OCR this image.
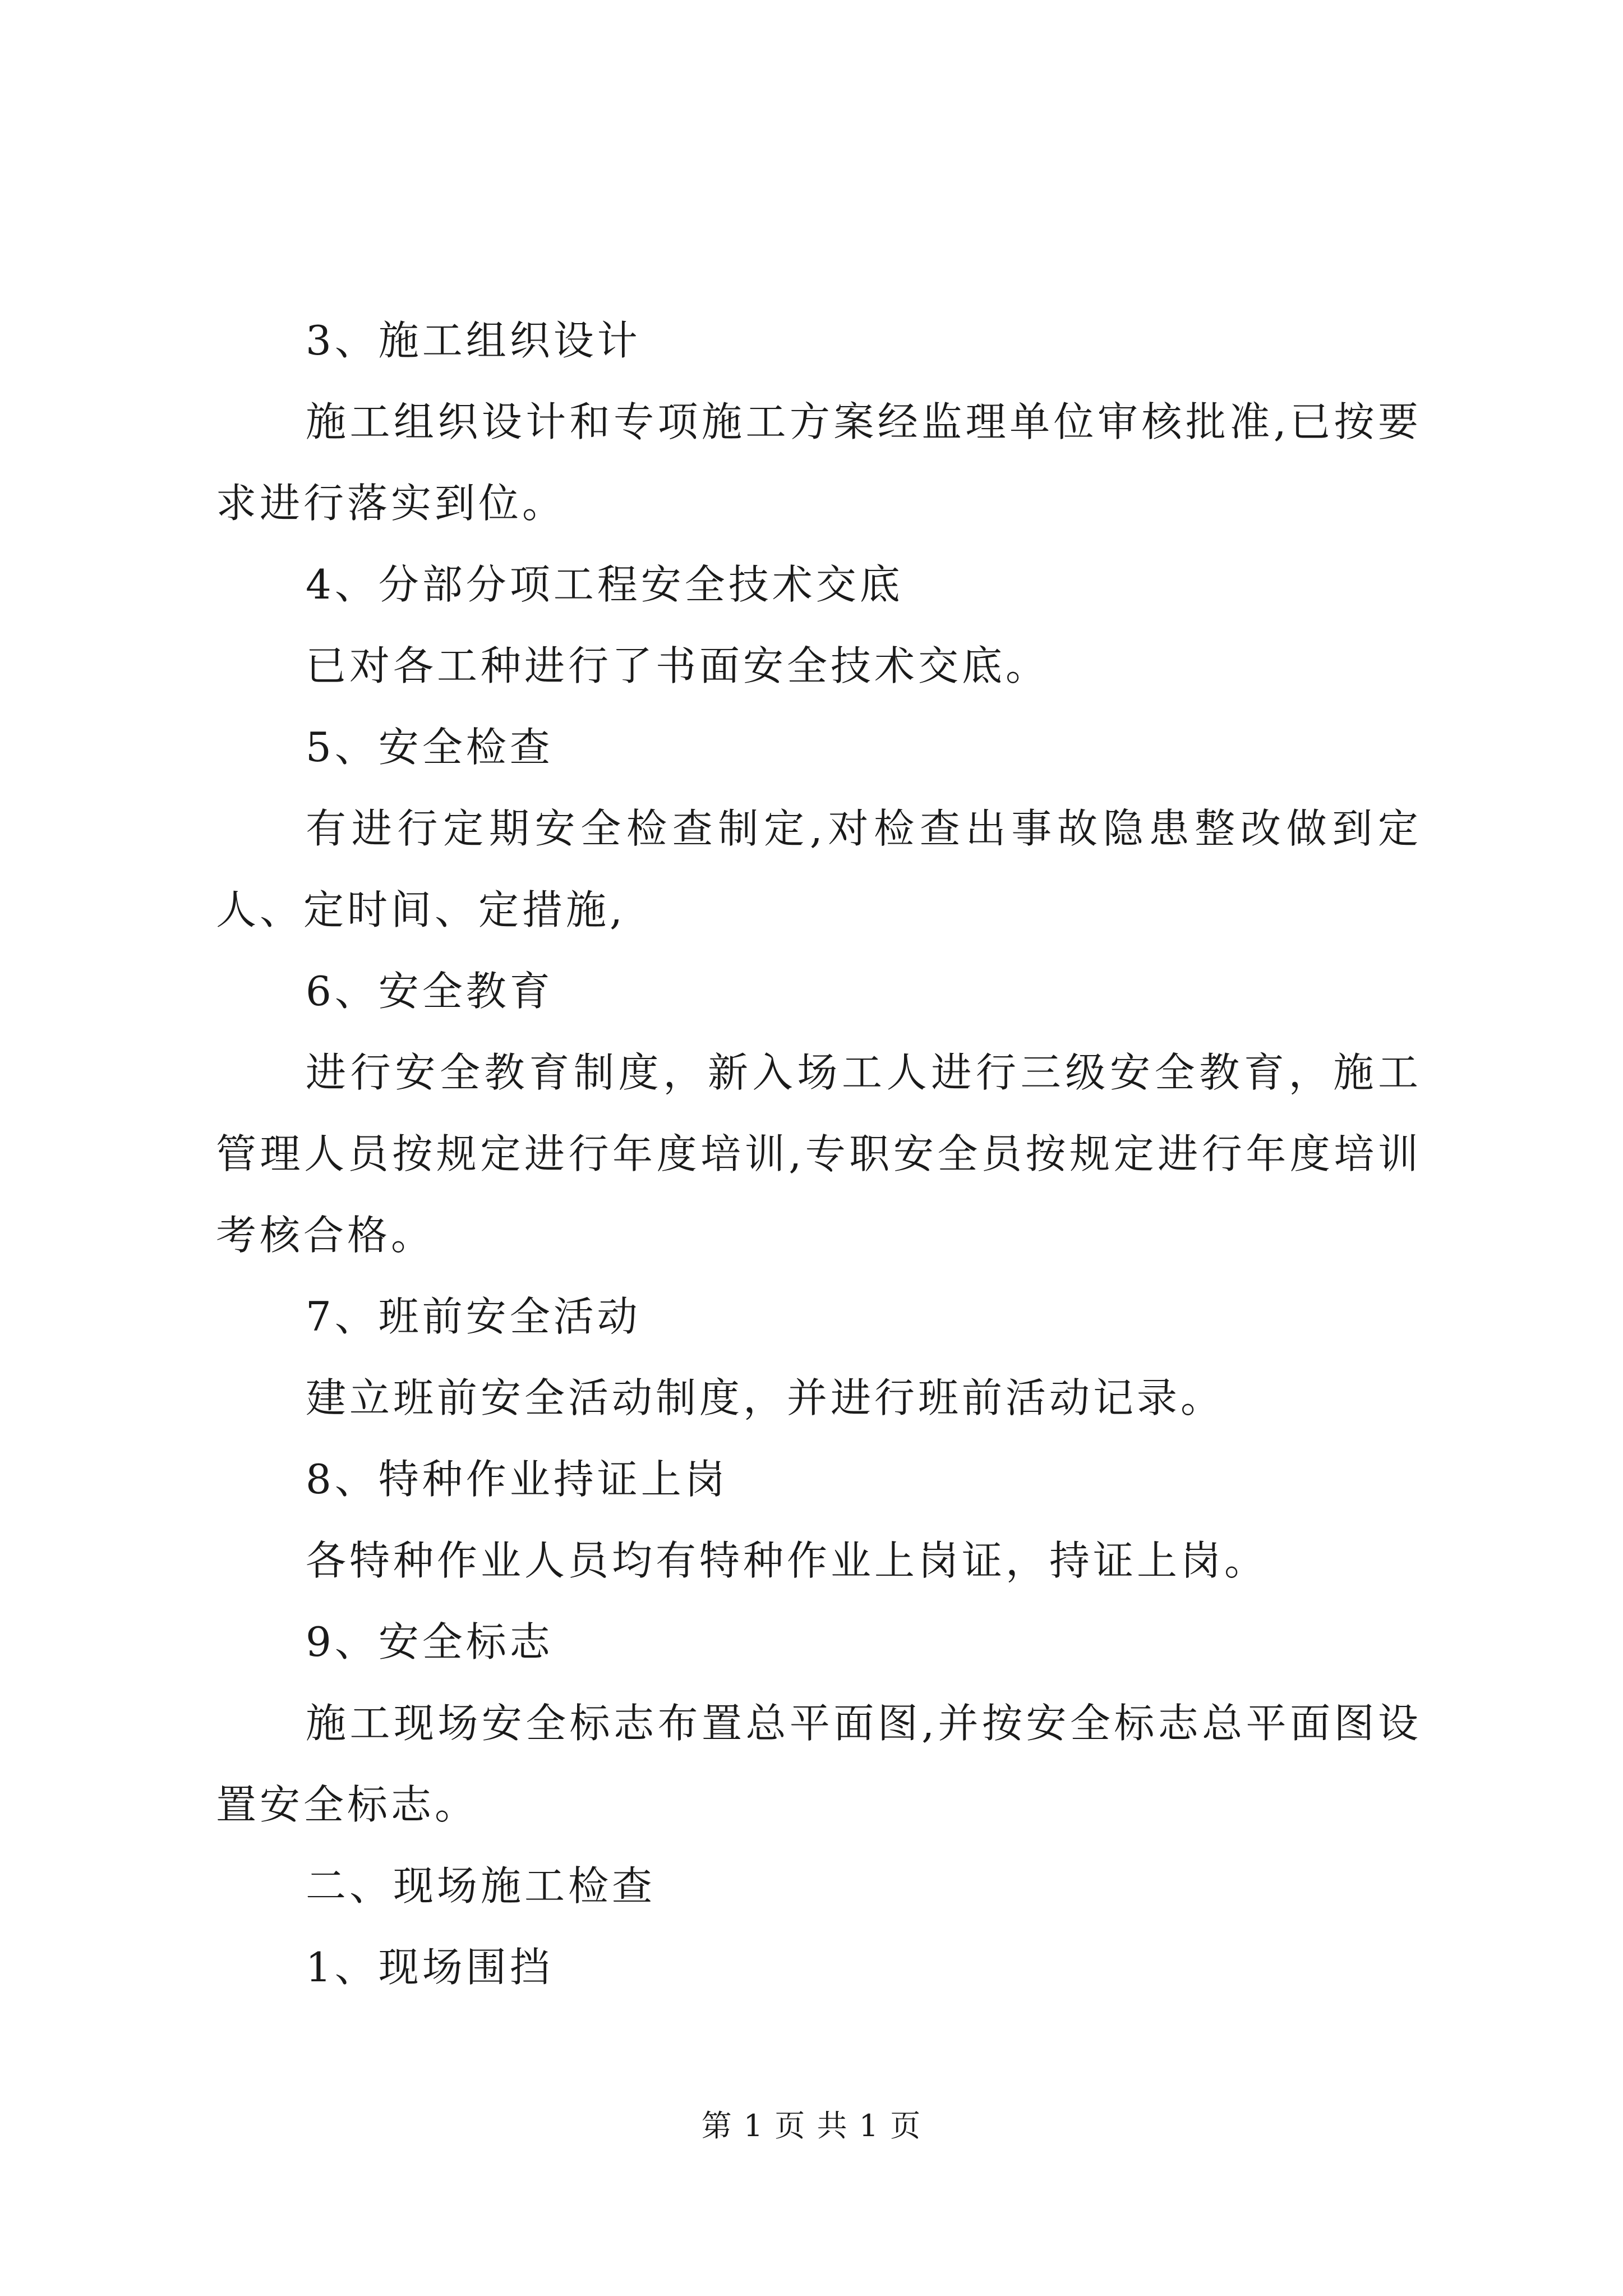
3、施工组织设计

施工组织设计和专项施工方案经监理单位审核批准,已按要求进行落实到位。

4、分部分项工程安全技术交底

已对各工种进行了书面安全技术交底。

5、安全检查

有进行定期安全检查制定,对检查出事故隐患整改做到定人、定时间、定措施,

6、安全教育

进行安全教育制度，新入场工人进行三级安全教育，施工管理人员按规定进行年度培训,专职安全员按规定进行年度培训考核合格。

7、班前安全活动

建立班前安全活动制度，并进行班前活动记录。

8、特种作业持证上岗

各特种作业人员均有特种作业上岗证，持证上岗。

9、安全标志

施工现场安全标志布置总平面图,并按安全标志总平面图设置安全标志。

二、现场施工检查

1、现场围挡

第 1 页 共 1 页
